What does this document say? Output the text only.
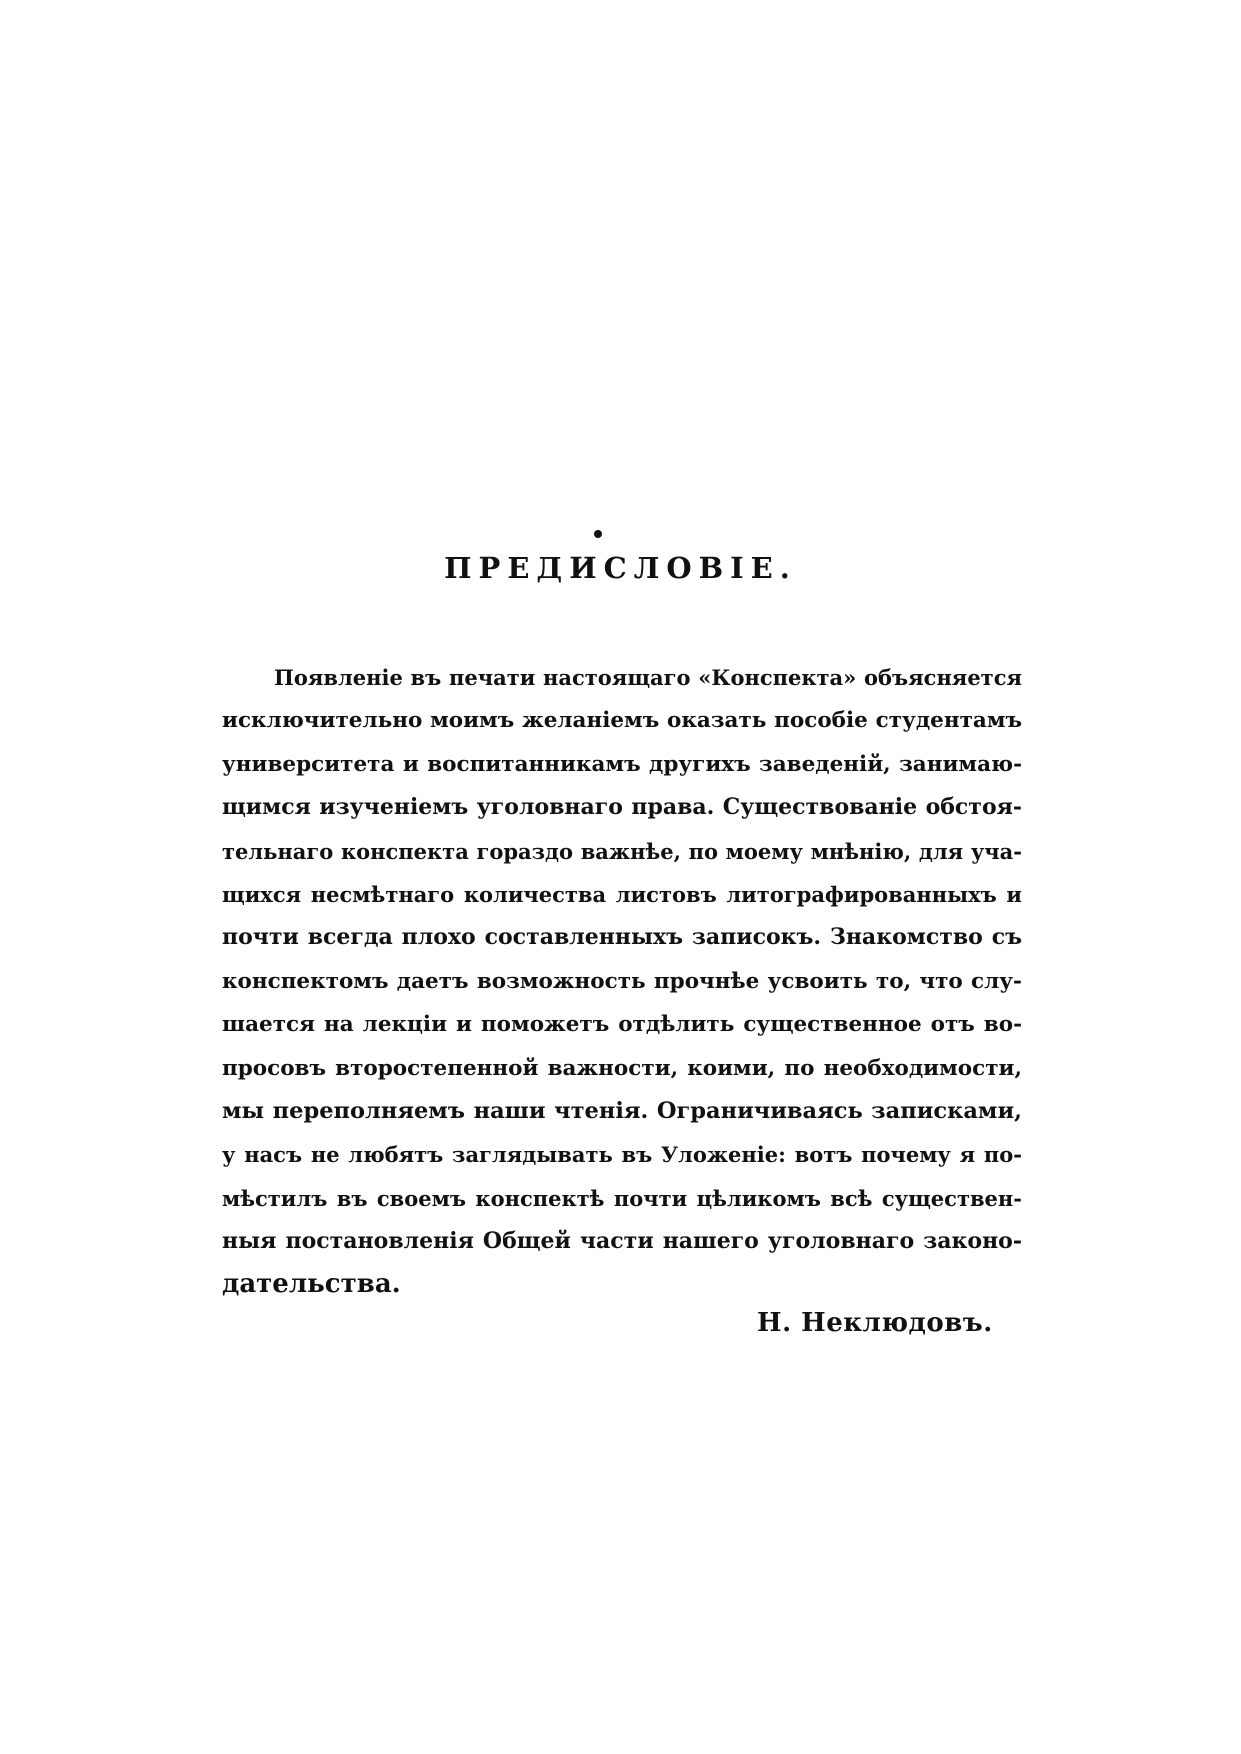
ПРЕДИСЛОВІЕ.
Появленіе въ печати настоящаго «Конспекта» объясняется
исключительно моимъ желаніемъ оказать пособіе студентамъ
университета и воспитанникамъ другихъ заведеній, занимаю-
щимся изученіемъ уголовнаго права. Существованіе обстоя-
тельнаго конспекта гораздо важнѣе, по моему мнѣнію, для уча-
щихся несмѣтнаго количества листовъ литографированныхъ и
почти всегда плохо составленныхъ записокъ. Знакомство съ
конспектомъ даетъ возможность прочнѣе усвоить то, что слу-
шается на лекціи и поможетъ отдѣлить существенное отъ во-
просовъ второстепенной важности, коими, по необходимости,
мы переполняемъ наши чтенія. Ограничиваясь записками,
у насъ не любятъ заглядывать въ Уложеніе: вотъ почему я по-
мѣстилъ въ своемъ конспектѣ почти цѣликомъ всѣ существен-
ныя постановленія Общей части нашего уголовнаго законо-
дательства.
Н. Неклюдовъ.
